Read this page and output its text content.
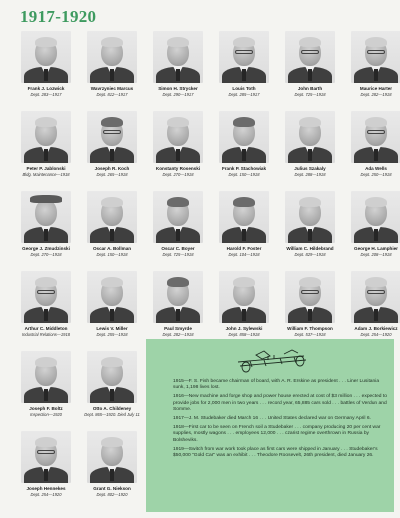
1917-1920
Frank J. Lozwick
Dept. 283—1917
Wavrzyniec Marcus
Dept. 812—1917
Simon H. Strycker
Dept. 290—1917
Louis Toth
Dept. 285—1917
John Barth
Dept. 725—1918
Maurice Harter
Dept. 282—1918
Peter P. Jablonski
Bldg. Maintenance—1918
Joseph R. Koch
Dept. 265—1918
Konstanty Rosenski
Dept. 270—1918
Frank P. Stachowiak
Dept. 150—1918
Julius Szakaly
Dept. 288—1918
Ada Wells
Dept. 250—1918
George J. Zmudzinski
Dept. 270—1918
Oscar A. Bollman
Dept. 150—1918
Oscar C. Boyer
Dept. 725—1918
Harold F. Foster
Dept. 104—1918
William C. Hildebrand
Dept. 829—1918
George H. Lamphier
Dept. 208—1918
Arthur C. Middleton
Industrial Relations—1918
Lewis V. Miller
Dept. 255—1918
Paul Smyrde
Dept. 282—1918
John J. Sylewski
Dept. 858—1918
William F. Thompson
Dept. 537—1918
Adam J. Borkiewicz
Dept. 254—1920
Joseph F. Boltz
Inspection—1920
Otto A. Childeney
Dept. 865—1920. Died July 11
Joseph Hennekes
Dept. 254—1920
Grant G. Niekson
Dept. 802—1920

1915—F. S. Fish became chairman of board, with A. R. Erskine as president . . . Liner Lusitania sunk, 1,198 lives lost.

1916—New machine and forge shop and power house erected at cost of $3 million . . . expected to provide jobs for 2,000 men in two years . . . record year, 65,885 cars sold . . . battles of Verdun and Somme.

1917—J. M. Studebaker died March 16 . . . United States declared war on Germany April 6.

1918—First car to be seen on French soil a Studebaker . . . company producing 20 per cent war supplies, mostly wagons . . . employees 12,000 . . . czarist regime overthrown in Russia by Bolsheviks.

1919—Switch from war work took place as first cars were shipped in January . . . Studebaker's $50,000 "Gold Car" was an exhibit . . . Theodore Roosevelt, 26th president, died January 26.
